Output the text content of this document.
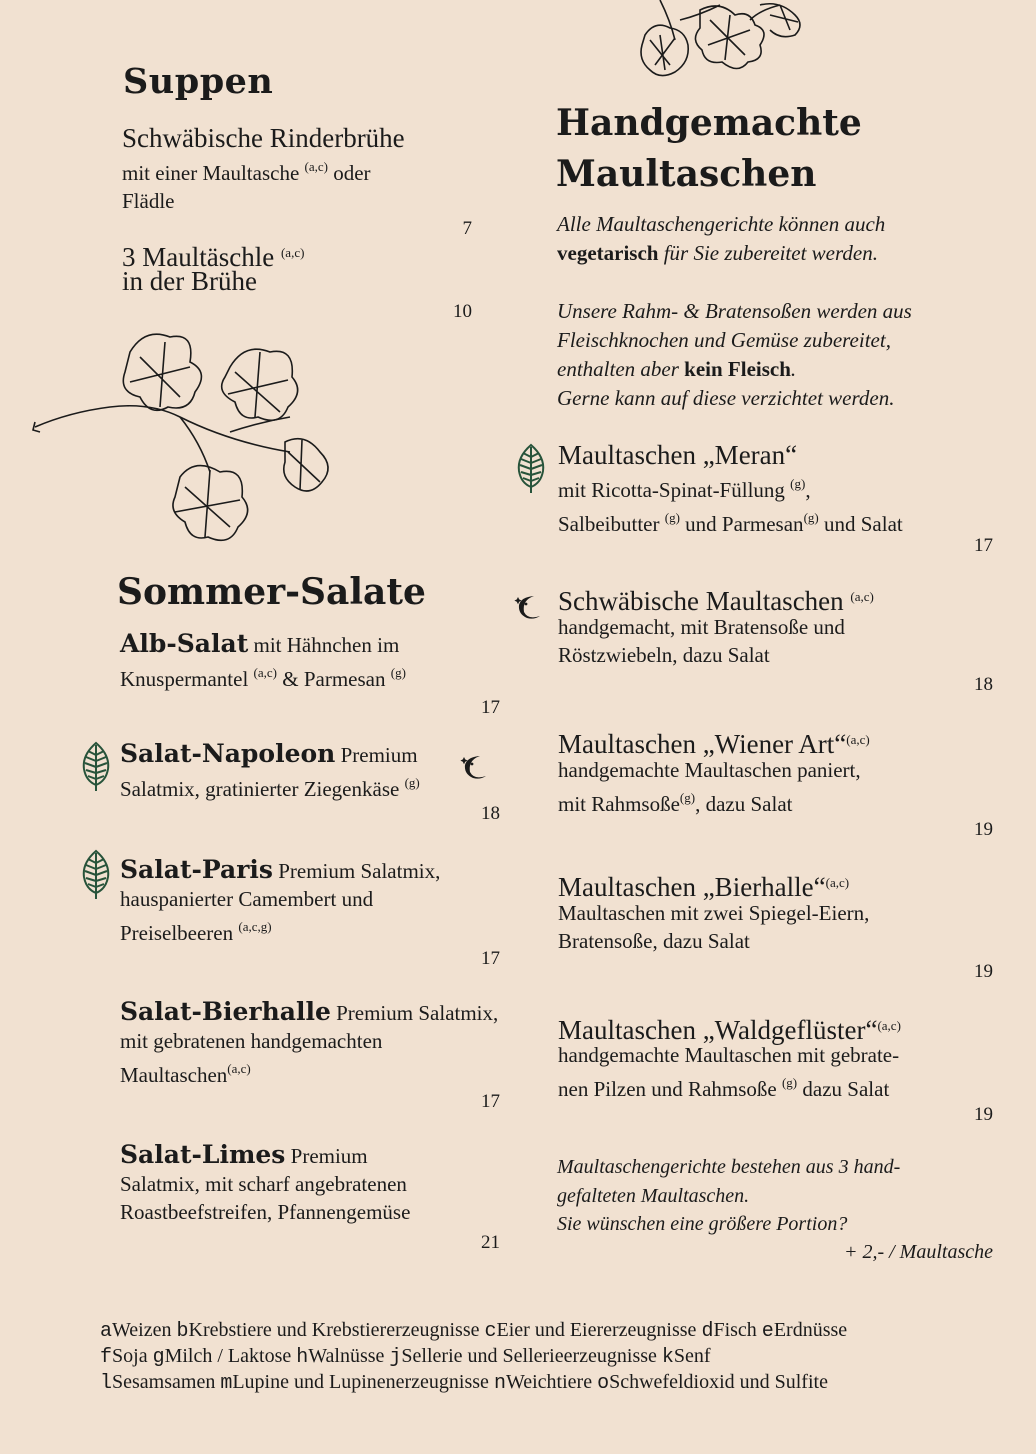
Suppen
Schwäbische Rinderbrühe
mit einer Maultasche $^{(a,c)}$ oder
Flädle
7
3 Maultäschle $^{(a,c)}$
in der Brühe
10
Sommer-Salate
Alb-Salat mit Hähnchen im
Knuspermantel $^{(a,c)}$ & Parmesan $^{(g)}$
17
Salat-Napoleon Premium
Salatmix, gratinierter Ziegenkäse $^{(g)}$
18
Salat-Paris Premium Salatmix,
hauspanierter Camembert und
Preiselbeeren $^{(a,c,g)}$
17
Salat-Bierhalle Premium Salatmix,
mit gebratenen handgemachten
Maultaschen$^{(a,c)}$
17
Salat-Limes Premium
Salatmix, mit scharf angebratenen
Roastbeefstreifen, Pfannengemüse
21
Handgemachte
Maultaschen
Alle Maultaschengerichte können auch
vegetarisch für Sie zubereitet werden.

Unsere Rahm- & Bratensoßen werden aus
Fleischknochen und Gemüse zubereitet,
enthalten aber kein Fleisch.
Gerne kann auf diese verzichtet werden.
Maultaschen „Meran“
mit Ricotta-Spinat-Füllung $^{(g)}$,
Salbeibutter $^{(g)}$ und Parmesan$^{(g)}$ und Salat
17
Schwäbische Maultaschen $^{(a,c)}$
handgemacht, mit Bratensoße und
Röstzwiebeln, dazu Salat
18
Maultaschen „Wiener Art“$^{(a,c)}$
handgemachte Maultaschen paniert,
mit Rahmsoße$^{(g)}$, dazu Salat
19
Maultaschen „Bierhalle“$^{(a,c)}$
Maultaschen mit zwei Spiegel-Eiern,
Bratensoße, dazu Salat
19
Maultaschen „Waldgeflüster“$^{(a,c)}$
handgemachte Maultaschen mit gebrate-
nen Pilzen und Rahmsoße $^{(g)}$ dazu Salat
19
Maultaschengerichte bestehen aus 3 hand-
gefalteten Maultaschen.
Sie wünschen eine größere Portion?
+ 2,- / Maultasche
aWeizen bKrebstiere und Krebstiererzeugnisse cEier und Eiererzeugnisse dFisch eErdnüsse
fSoja gMilch / Laktose hWalnüsse jSellerie und Sellerieerzeugnisse kSenf
lSesamsamen mLupine und Lupinenerzeugnisse nWeichtiere oSchwefeldioxid und Sulfite
